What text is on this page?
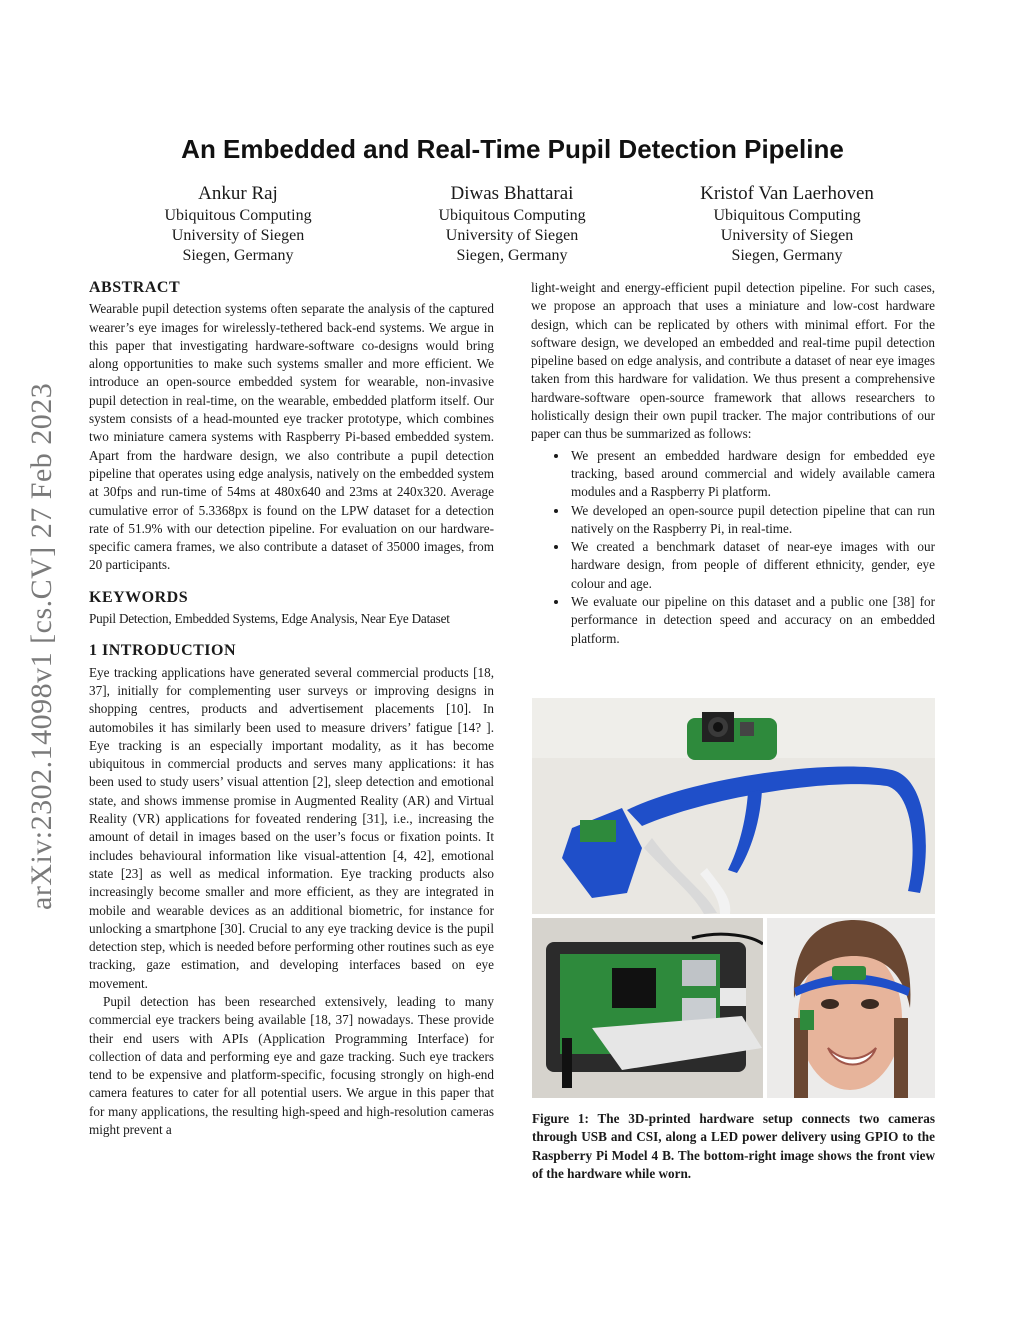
arXiv:2302.14098v1 [cs.CV] 27 Feb 2023
An Embedded and Real-Time Pupil Detection Pipeline
Ankur Raj
Ubiquitous Computing
University of Siegen
Siegen, Germany
Diwas Bhattarai
Ubiquitous Computing
University of Siegen
Siegen, Germany
Kristof Van Laerhoven
Ubiquitous Computing
University of Siegen
Siegen, Germany

ABSTRACT

Wearable pupil detection systems often separate the analysis of the captured wearer’s eye images for wirelessly-tethered back-end systems. We argue in this paper that investigating hardware-software co-designs would bring along opportunities to make such systems smaller and more efficient. We introduce an open-source embedded system for wearable, non-invasive pupil detection in real-time, on the wearable, embedded platform itself. Our system consists of a head-mounted eye tracker prototype, which combines two miniature camera systems with Raspberry Pi-based embedded system. Apart from the hardware design, we also contribute a pupil detection pipeline that operates using edge analysis, natively on the embedded system at 30fps and run-time of 54ms at 480x640 and 23ms at 240x320. Average cumulative error of 5.3368px is found on the LPW dataset for a detection rate of 51.9% with our detection pipeline. For evaluation on our hardware-specific camera frames, we also contribute a dataset of 35000 images, from 20 participants.

KEYWORDS

Pupil Detection, Embedded Systems, Edge Analysis, Near Eye Dataset

1 INTRODUCTION

Eye tracking applications have generated several commercial products [18, 37], initially for complementing user surveys or improving designs in shopping centres, products and advertisement placements [10]. In automobiles it has similarly been used to measure drivers’ fatigue [14? ]. Eye tracking is an especially important modality, as it has become ubiquitous in commercial products and serves many applications: it has been used to study users’ visual attention [2], sleep detection and emotional state, and shows immense promise in Augmented Reality (AR) and Virtual Reality (VR) applications for foveated rendering [31], i.e., increasing the amount of detail in images based on the user’s focus or fixation points. It includes behavioural information like visual-attention [4, 42], emotional state [23] as well as medical information. Eye tracking products also increasingly become smaller and more efficient, as they are integrated in mobile and wearable devices as an additional biometric, for instance for unlocking a smartphone [30]. Crucial to any eye tracking device is the pupil detection step, which is needed before performing other routines such as eye tracking, gaze estimation, and developing interfaces based on eye movement.

Pupil detection has been researched extensively, leading to many commercial eye trackers being available [18, 37] nowadays. These provide their end users with APIs (Application Programming Interface) for collection of data and performing eye and gaze tracking. Such eye trackers tend to be expensive and platform-specific, focusing strongly on high-end camera features to cater for all potential users. We argue in this paper that for many applications, the resulting high-speed and high-resolution cameras might prevent a

light-weight and energy-efficient pupil detection pipeline. For such cases, we propose an approach that uses a miniature and low-cost hardware design, which can be replicated by others with minimal effort. For the software design, we developed an embedded and real-time pupil detection pipeline based on edge analysis, and contribute a dataset of near eye images taken from this hardware for validation. We thus present a comprehensive hardware-software open-source framework that allows researchers to holistically design their own pupil tracker. The major contributions of our paper can thus be summarized as follows:

• We present an embedded hardware design for embedded eye tracking, based around commercial and widely available camera modules and a Raspberry Pi platform.
• We developed an open-source pupil detection pipeline that can run natively on the Raspberry Pi, in real-time.
• We created a benchmark dataset of near-eye images with our hardware design, from people of different ethnicity, gender, eye colour and age.
• We evaluate our pipeline on this dataset and a public one [38] for performance in detection speed and accuracy on an embedded platform.
Figure 1: The 3D-printed hardware setup connects two cameras through USB and CSI, along a LED power delivery using GPIO to the Raspberry Pi Model 4 B. The bottom-right image shows the front view of the hardware while worn.
